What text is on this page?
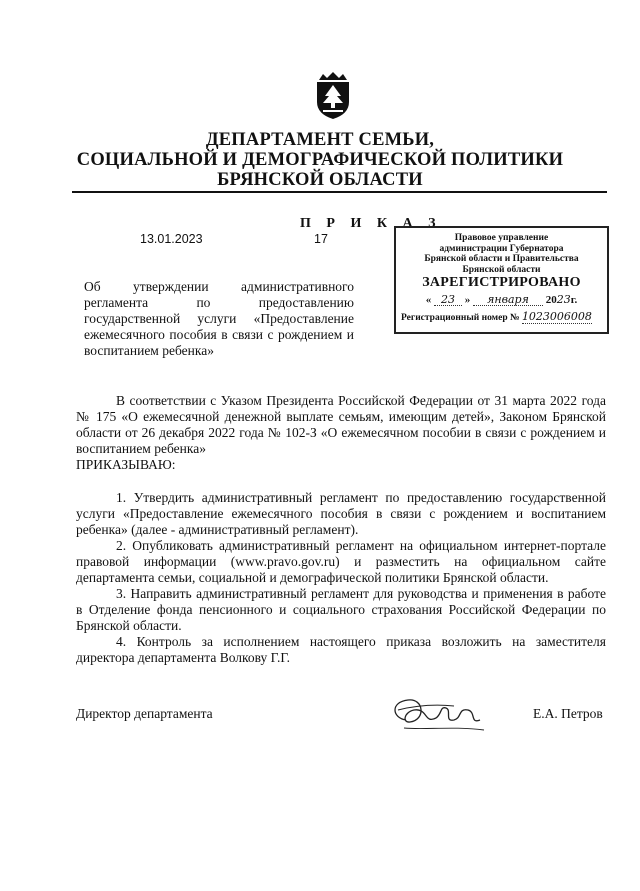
ДЕПАРТАМЕНТ СЕМЬИ,
СОЦИАЛЬНОЙ И ДЕМОГРАФИЧЕСКОЙ ПОЛИТИКИ
БРЯНСКОЙ ОБЛАСТИ
П Р И К А З
13.01.2023	17	Правовое управление
администрации Губернатора
Брянской области и Правительства
Брянской области
ЗАРЕГИСТРИРОВАНО
« 23 » января 2023г.
Регистрационный номер № 1023006008
Об утверждении административного регламента по предоставлению государственной услуги «Предоставление ежемесячного пособия в связи с рождением и воспитанием ребенка»

В соответствии с Указом Президента Российской Федерации от 31 марта 2022 года № 175 «О ежемесячной денежной выплате семьям, имеющим детей», Законом Брянской области от 26 декабря 2022 года № 102-З «О ежемесячном пособии в связи с рождением и воспитанием ребенка»

ПРИКАЗЫВАЮ:

1. Утвердить административный регламент по предоставлению государственной услуги «Предоставление ежемесячного пособия в связи с рождением и воспитанием ребенка» (далее - административный регламент).

2. Опубликовать административный регламент на официальном интернет-портале правовой информации (www.pravo.gov.ru) и разместить на официальном сайте департамента семьи, социальной и демографической политики Брянской области.

3. Направить административный регламент для руководства и применения в работе в Отделение фонда пенсионного и социального страхования Российской Федерации по Брянской области.

4. Контроль за исполнением настоящего приказа возложить на заместителя директора департамента Волкову Г.Г.

Директор департамента	Е.А. Петров
